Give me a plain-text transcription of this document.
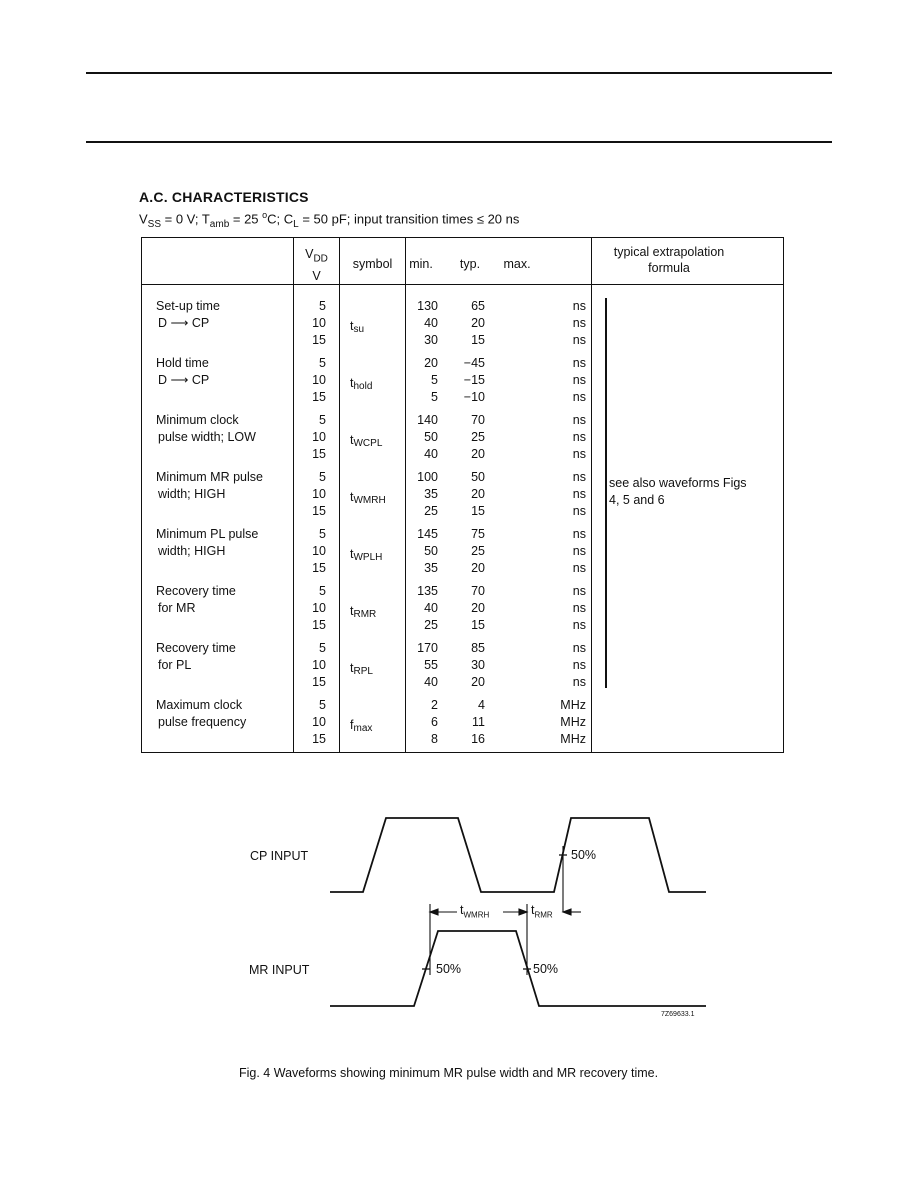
A.C. CHARACTERISTICS
$V_{SS} = 0$ V; $T_{amb} = 25$ $^o$C; $C_L = 50$ pF; input transition times ≤ 20 ns
$V_{DD}$
V
symbol	min.	typ.	max.
typical extrapolation formula
Set-up time
D ⟶ CP	$t_{su}$
5	130	65	ns
10	40	20	ns
15	30	15	ns
Hold time
D ⟶ CP	$t_{hold}$
5	20	−45	ns
10	5	−15	ns
15	5	−10	ns
Minimum clock
pulse width; LOW	$t_{WCPL}$
5	140	70	ns
10	50	25	ns
15	40	20	ns
Minimum MR pulse
width; HIGH	$t_{WMRH}$
5	100	50	ns
10	35	20	ns
15	25	15	ns
Minimum PL pulse
width; HIGH	$t_{WPLH}$
5	145	75	ns
10	50	25	ns
15	35	20	ns
Recovery time
for MR	$t_{RMR}$
5	135	70	ns
10	40	20	ns
15	25	15	ns
Recovery time
for PL	$t_{RPL}$
5	170	85	ns
10	55	30	ns
15	40	20	ns
Maximum clock
pulse frequency	$f_{max}$
5	2	4	MHz
10	6	11	MHz
15	8	16	MHz
see also waveforms Figs 4, 5 and 6
CP INPUT
MR INPUT
50%
50%	50%
$t_{WMRH}$	$t_{RMR}$
7Z69633.1
Fig. 4 Waveforms showing minimum MR pulse width and MR recovery time.
